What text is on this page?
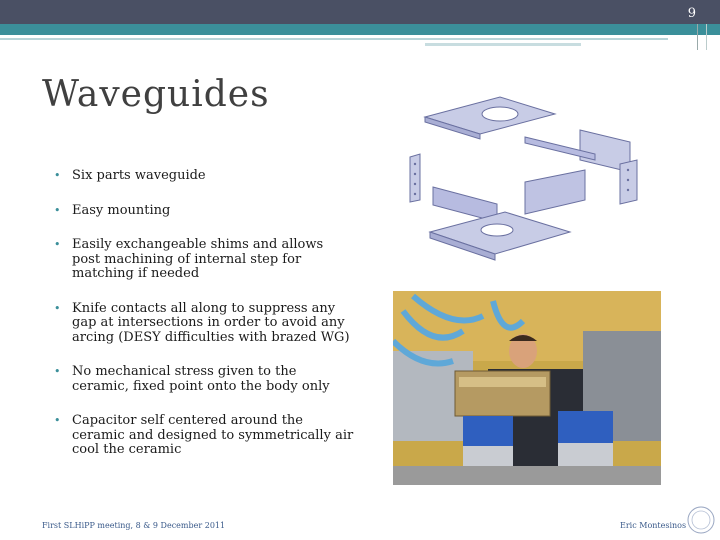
9
Waveguides
• Six parts waveguide
• Easy mounting
• Easily exchangeable shims and allows post machining of internal step for matching if needed
• Knife contacts all along to suppress any gap at intersections in order to avoid any arcing (DESY difficulties with brazed WG)
• No mechanical stress given to the ceramic, fixed point onto the body only
• Capacitor self centered around the ceramic and designed to symmetrically air cool the ceramic
First SLHiPP meeting, 8 & 9 December 2011	Eric Montesinos
